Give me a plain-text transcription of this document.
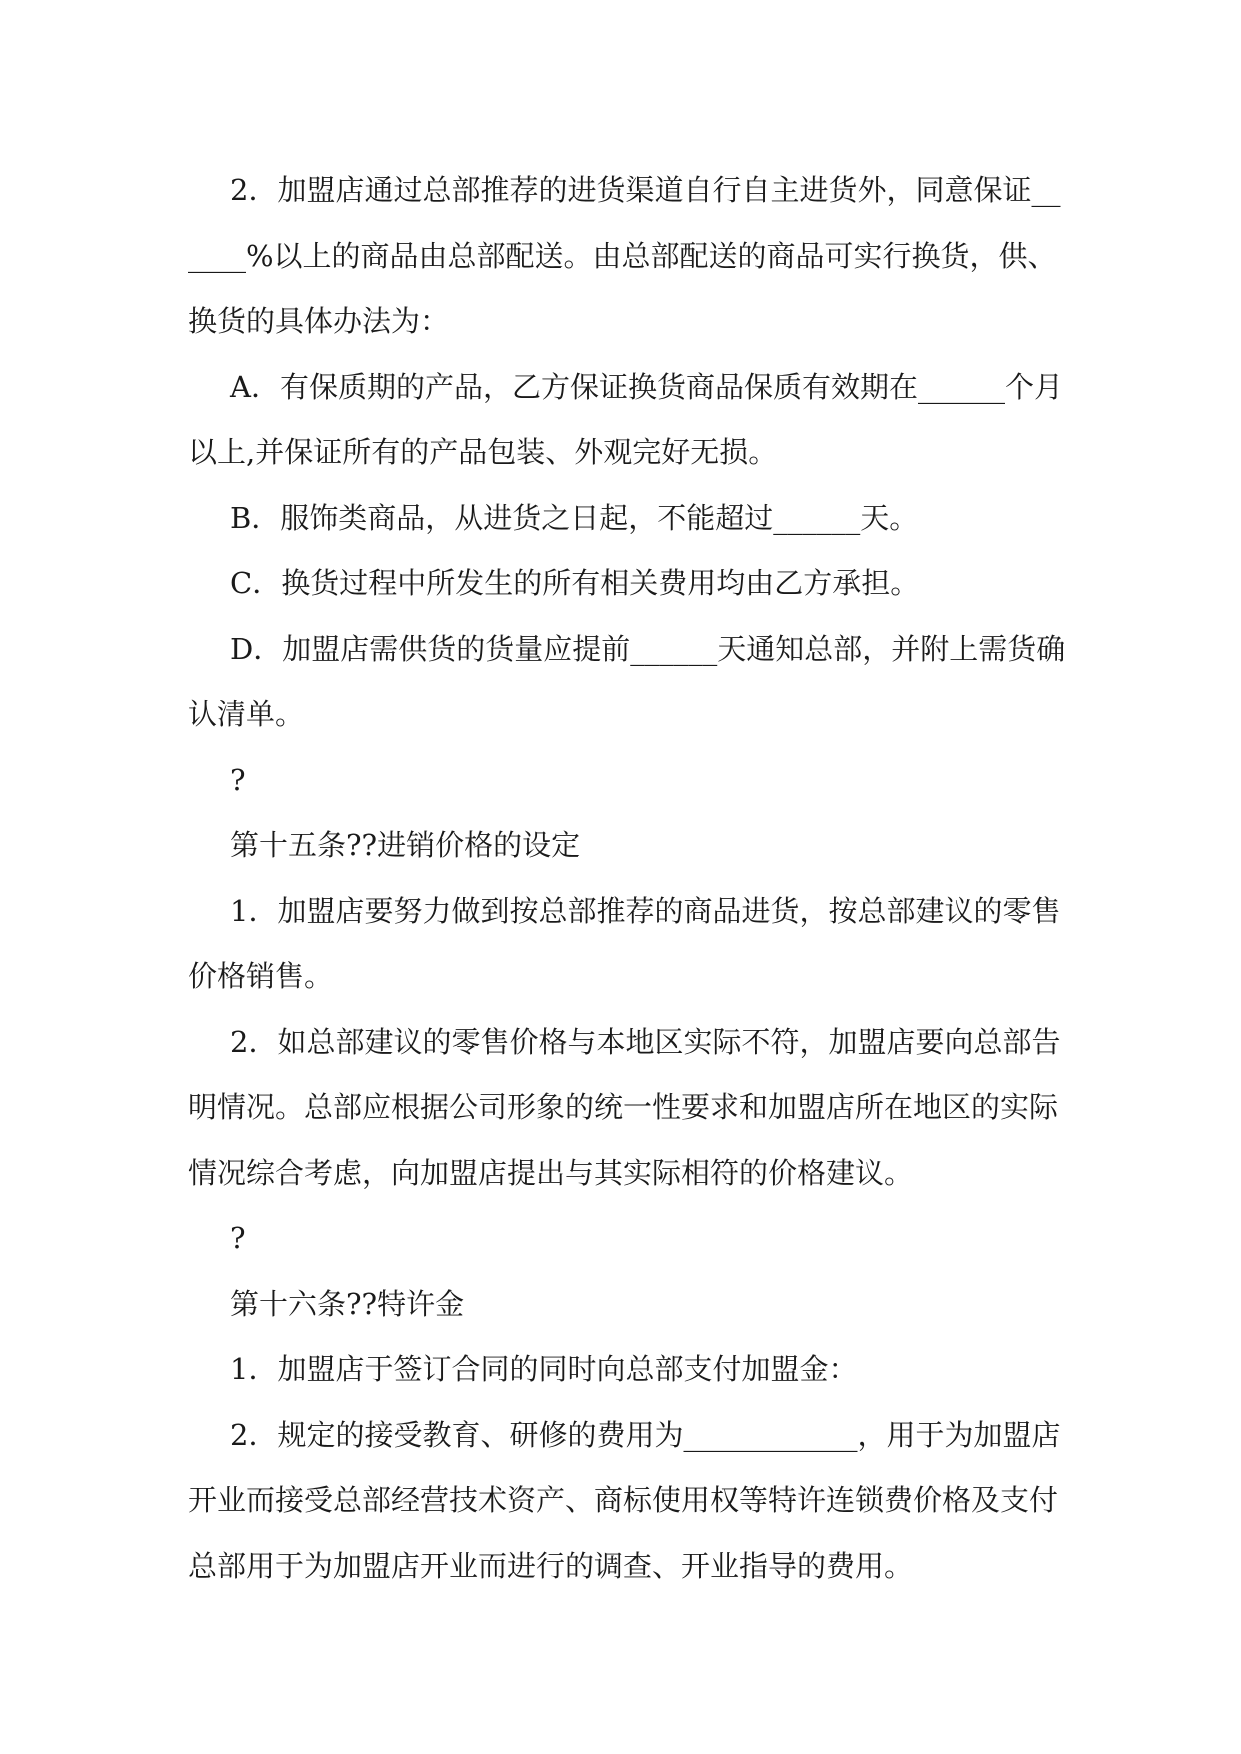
2．加盟店通过总部推荐的进货渠道自行自主进货外，同意保证______%以上的商品由总部配送。由总部配送的商品可实行换货，供、换货的具体办法为：

A．有保质期的产品，乙方保证换货商品保质有效期在______个月以上,并保证所有的产品包装、外观完好无损。

B．服饰类商品，从进货之日起，不能超过______天。

C．换货过程中所发生的所有相关费用均由乙方承担。

D．加盟店需供货的货量应提前______天通知总部，并附上需货确认清单。

?

第十五条??进销价格的设定

1．加盟店要努力做到按总部推荐的商品进货，按总部建议的零售价格销售。

2．如总部建议的零售价格与本地区实际不符，加盟店要向总部告明情况。总部应根据公司形象的统一性要求和加盟店所在地区的实际情况综合考虑，向加盟店提出与其实际相符的价格建议。

?

第十六条??特许金

1．加盟店于签订合同的同时向总部支付加盟金：

2．规定的接受教育、研修的费用为____________，用于为加盟店开业而接受总部经营技术资产、商标使用权等特许连锁费价格及支付总部用于为加盟店开业而进行的调查、开业指导的费用。
